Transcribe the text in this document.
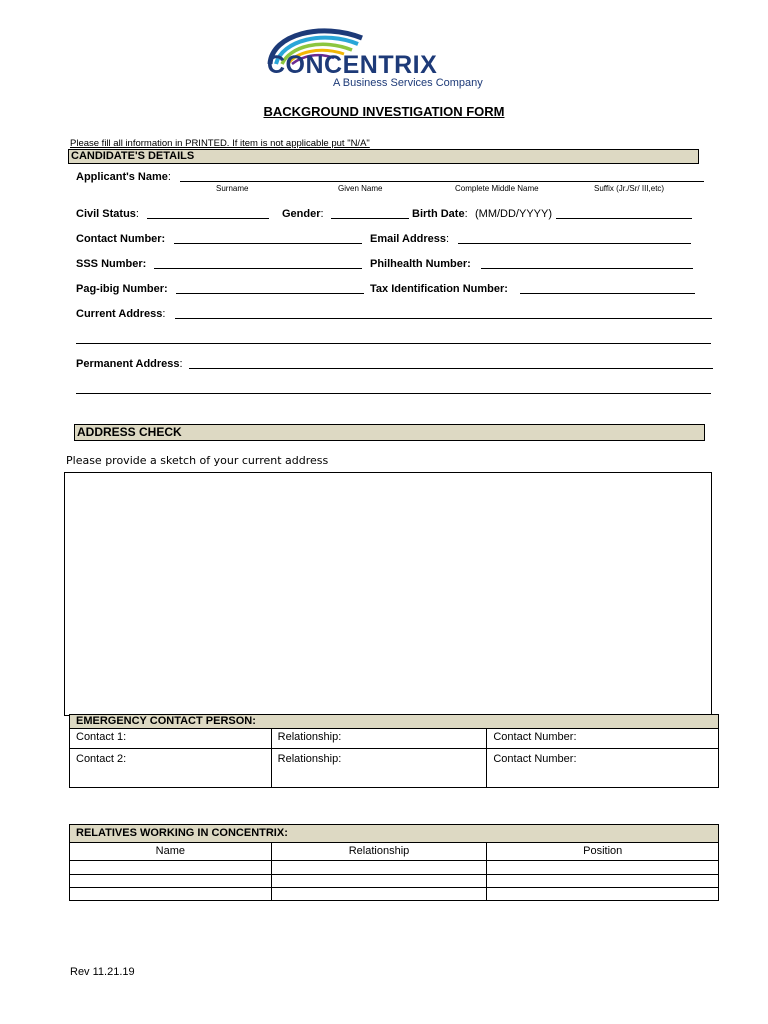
CONCENTRIX
A Business Services Company
BACKGROUND INVESTIGATION FORM
Please fill all information in PRINTED. If item is not applicable put "N/A"
CANDIDATE'S DETAILS
Applicant's Name:
Surname	Given Name	Complete Middle Name	Suffix (Jr./Sr/ III,etc)
Civil Status:	Gender:	Birth Date: (MM/DD/YYYY)
Contact Number:	Email Address:
SSS Number:	Philhealth Number:
Pag-ibig Number:	Tax Identification Number:
Current Address:
Permanent Address:
ADDRESS CHECK
Please provide a sketch of your current address
EMERGENCY CONTACT PERSON:		
Contact 1:	Relationship:	Contact Number:
Contact 2:	Relationship:	Contact Number:
RELATIVES WORKING IN CONCENTRIX:		
Name	Relationship	Position

Rev 11.21.19
